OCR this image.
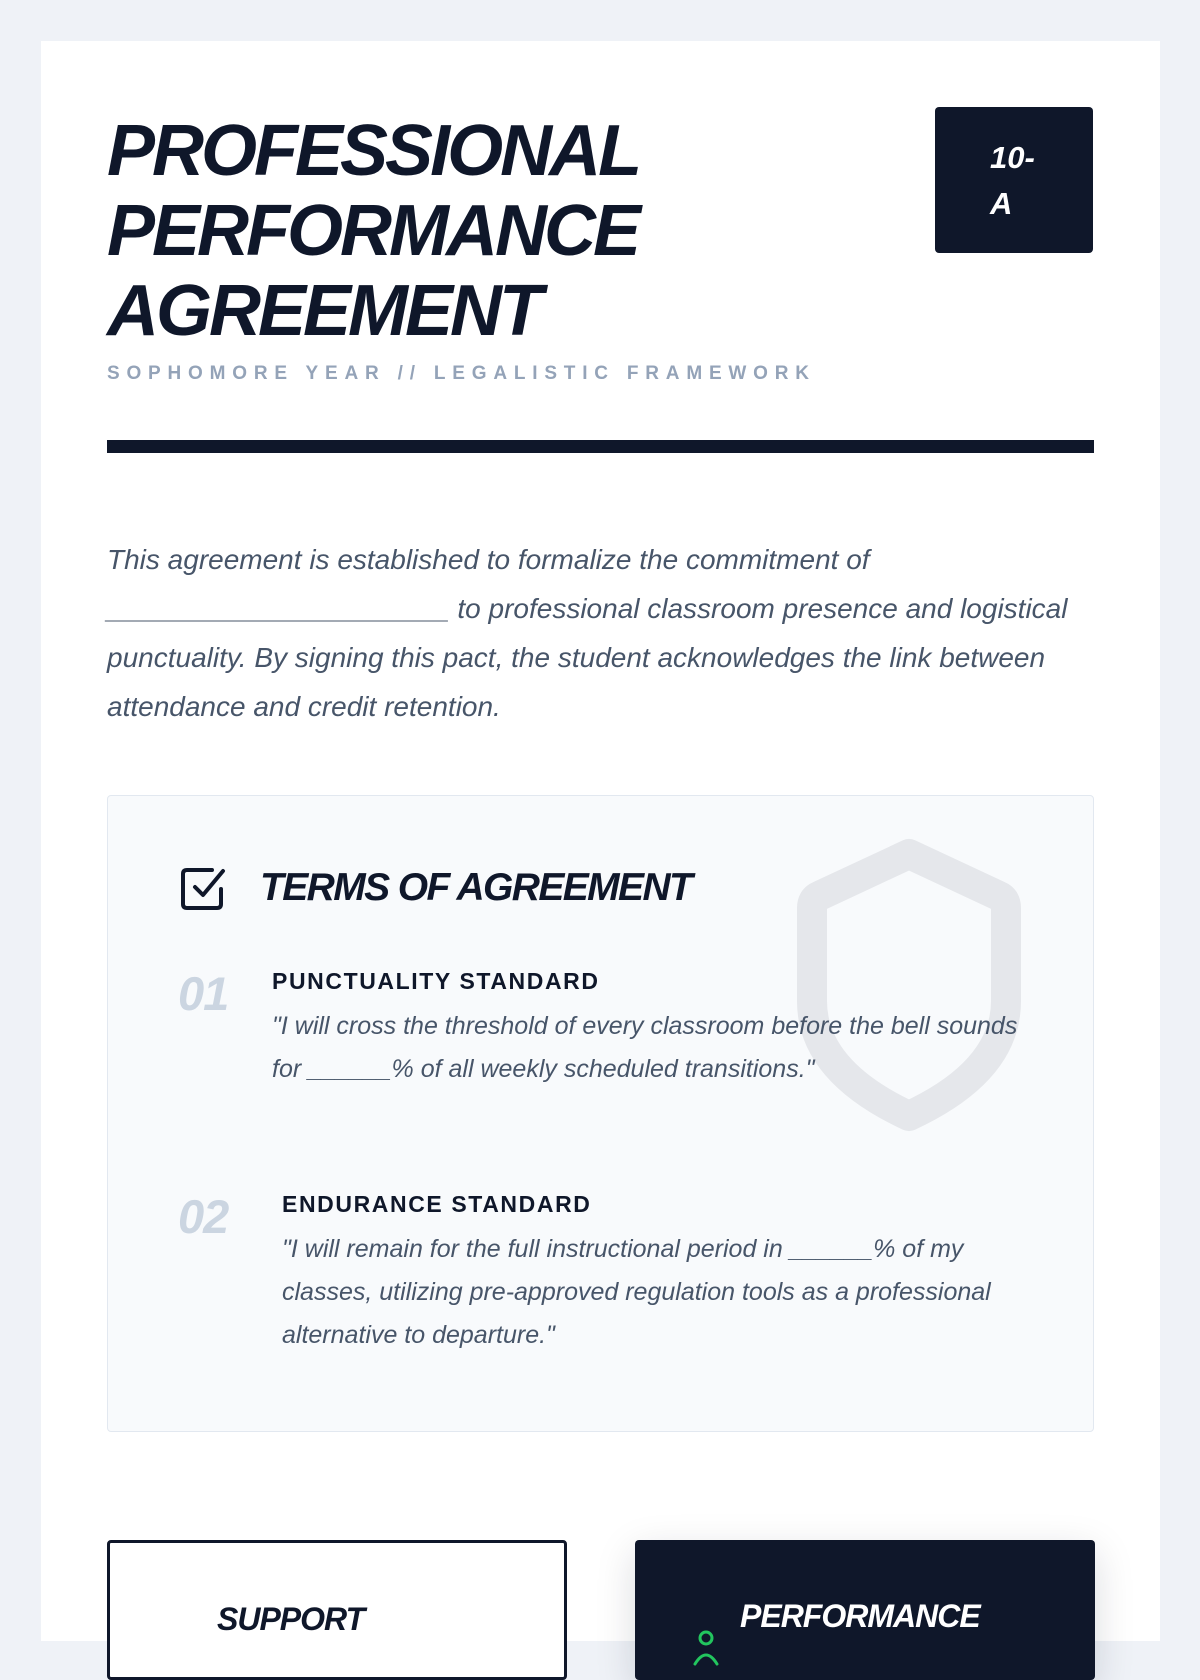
PROFESSIONAL
PERFORMANCE
AGREEMENT
SOPHOMORE YEAR // LEGALISTIC FRAMEWORK
10-
A

This agreement is established to formalize the commitment of ______________________ to professional classroom presence and logistical punctuality. By signing this pact, the student acknowledges the link between attendance and credit retention.

TERMS OF AGREEMENT
01 PUNCTUALITY STANDARD

"I will cross the threshold of every classroom before the bell sounds for ______% of all weekly scheduled transitions."

02 ENDURANCE STANDARD

"I will remain for the full instructional period in ______% of my classes, utilizing pre-approved regulation tools as a professional alternative to departure."

SUPPORT	PERFORMANCE
